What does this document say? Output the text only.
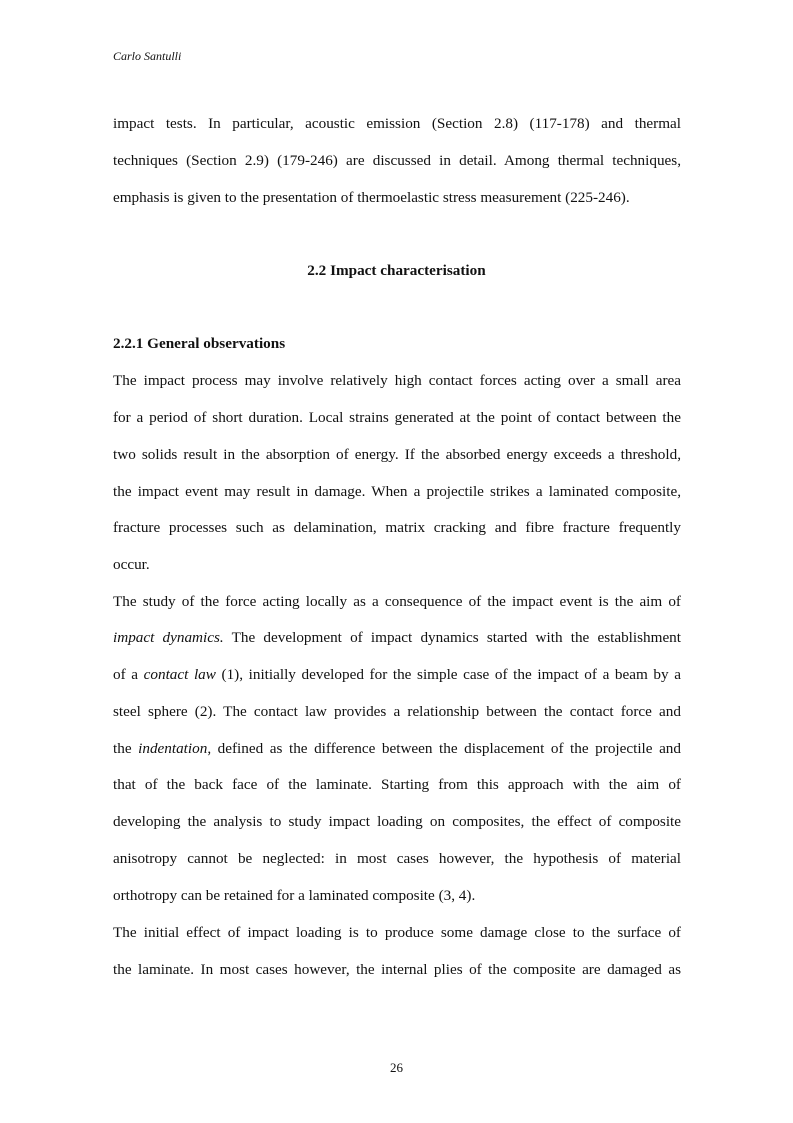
Carlo Santulli
impact tests. In particular, acoustic emission (Section 2.8) (117-178) and thermal
techniques (Section 2.9) (179-246) are discussed in detail. Among thermal techniques,
emphasis is given to the presentation of thermoelastic stress measurement (225-246).
2.2 Impact characterisation
2.2.1 General observations
The impact process may involve relatively high contact forces acting over a small area
for a period of short duration. Local strains generated at the point of contact between the
two solids result in the absorption of energy. If the absorbed energy exceeds a threshold,
the impact event may result in damage. When a projectile strikes a laminated composite,
fracture processes such as delamination, matrix cracking and fibre fracture frequently
occur.
The study of the force acting locally as a consequence of the impact event is the aim of
impact dynamics. The development of impact dynamics started with the establishment
of a contact law (1), initially developed for the simple case of the impact of a beam by a
steel sphere (2). The contact law provides a relationship between the contact force and
the indentation, defined as the difference between the displacement of the projectile and
that of the back face of the laminate. Starting from this approach with the aim of
developing the analysis to study impact loading on composites, the effect of composite
anisotropy cannot be neglected: in most cases however, the hypothesis of material
orthotropy can be retained for a laminated composite (3, 4).
The initial effect of impact loading is to produce some damage close to the surface of
the laminate. In most cases however, the internal plies of the composite are damaged as
26
